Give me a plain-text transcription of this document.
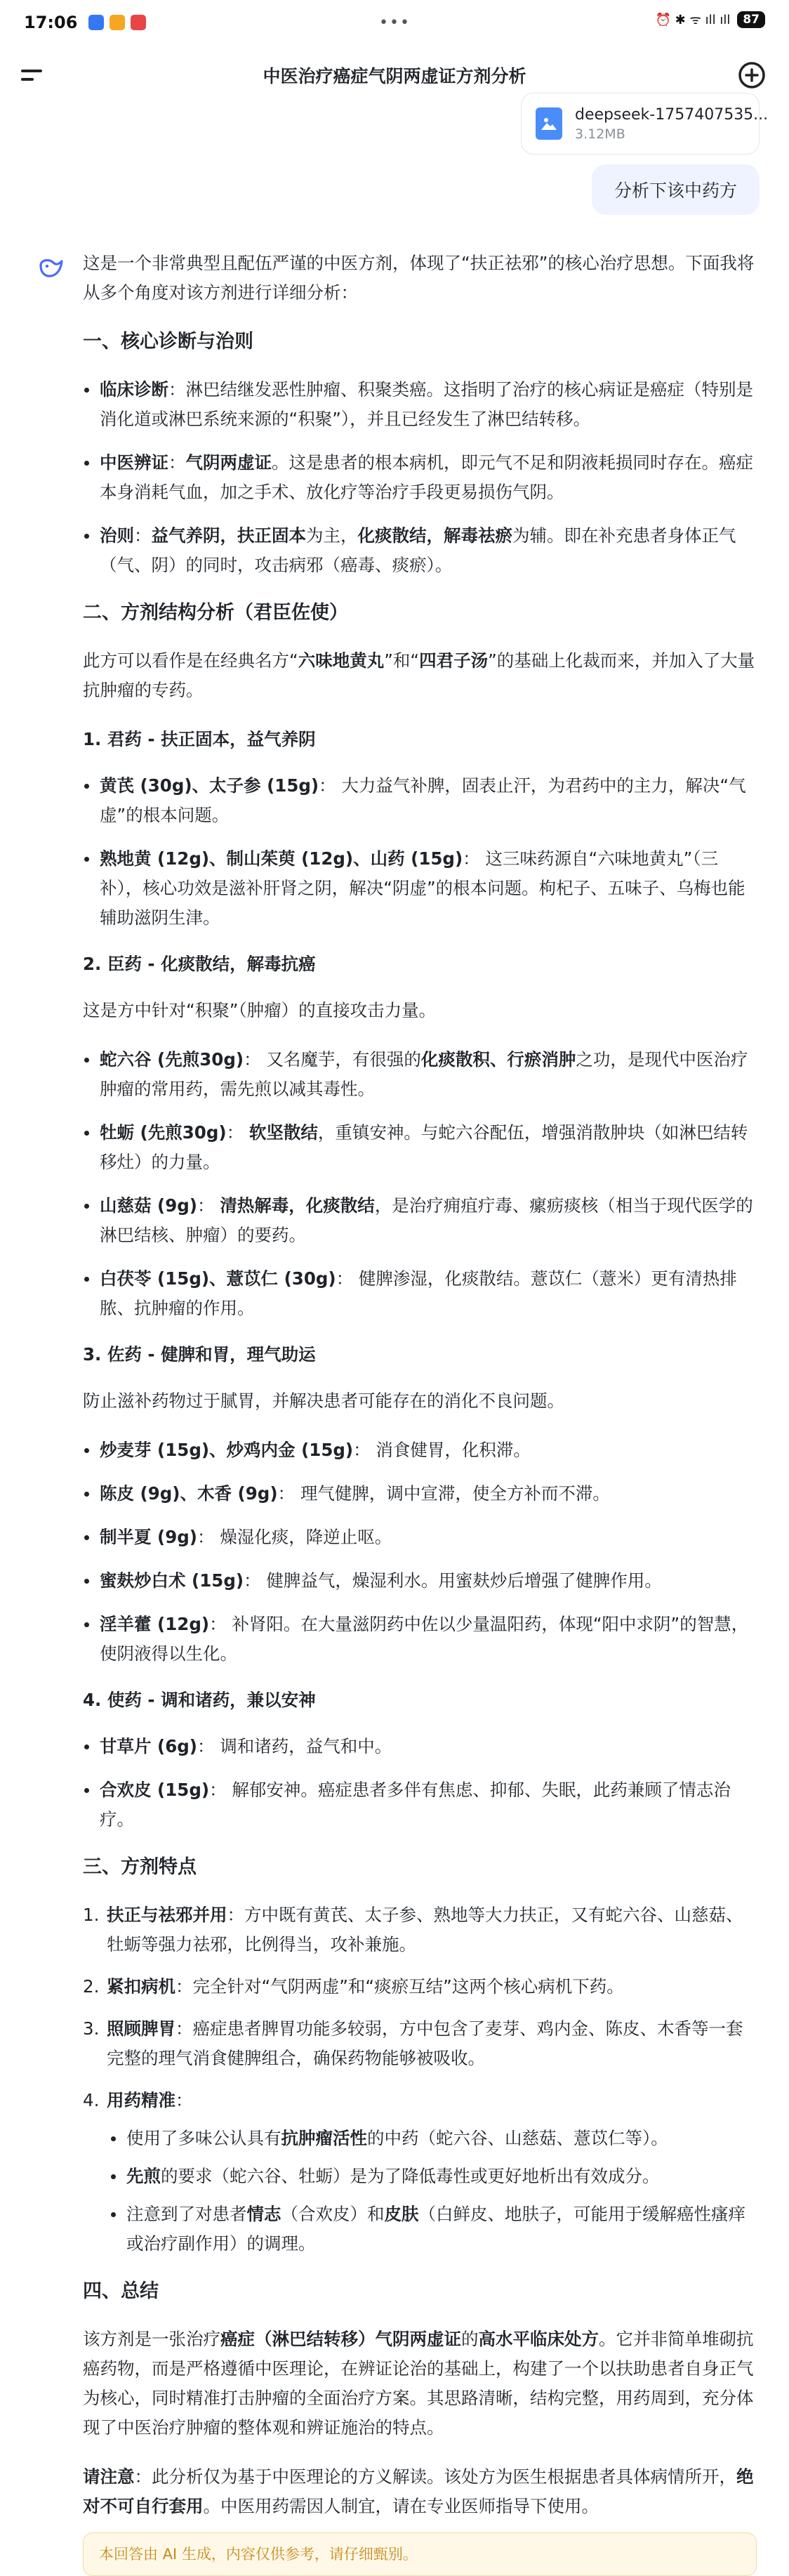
17:06	•••	⏰ ✱ ᯤ ıll ıll	87
中医治疗癌症气阴两虚证方剂分析
deepseek-1757407535...
3.12MB
分析下该中药方

这是一个非常典型且配伍严谨的中医方剂，体现了“扶正祛邪”的核心治疗思想。下面我将从多个角度对该方剂进行详细分析：

一、核心诊断与治则
临床诊断：淋巴结继发恶性肿瘤、积聚类癌。这指明了治疗的核心病证是癌症（特别是消化道或淋巴系统来源的“积聚”），并且已经发生了淋巴结转移。
中医辨证：气阴两虚证。这是患者的根本病机，即元气不足和阴液耗损同时存在。癌症本身消耗气血，加之手术、放化疗等治疗手段更易损伤气阴。
治则：益气养阴，扶正固本为主，化痰散结，解毒祛瘀为辅。即在补充患者身体正气（气、阴）的同时，攻击病邪（癌毒、痰瘀）。
二、方剂结构分析（君臣佐使）

此方可以看作是在经典名方“六味地黄丸”和“四君子汤”的基础上化裁而来，并加入了大量抗肿瘤的专药。

1. 君药 - 扶正固本，益气养阴
黄芪 (30g)、太子参 (15g)： 大力益气补脾，固表止汗，为君药中的主力，解决“气虚”的根本问题。
熟地黄 (12g)、制山茱萸 (12g)、山药 (15g)： 这三味药源自“六味地黄丸”（三补），核心功效是滋补肝肾之阴，解决“阴虚”的根本问题。枸杞子、五味子、乌梅也能辅助滋阴生津。
2. 臣药 - 化痰散结，解毒抗癌

这是方中针对“积聚”（肿瘤）的直接攻击力量。

蛇六谷 (先煎30g)： 又名魔芋，有很强的化痰散积、行瘀消肿之功，是现代中医治疗肿瘤的常用药，需先煎以减其毒性。
牡蛎 (先煎30g)： 软坚散结，重镇安神。与蛇六谷配伍，增强消散肿块（如淋巴结转移灶）的力量。
山慈菇 (9g)： 清热解毒，化痰散结，是治疗痈疽疔毒、瘰疬痰核（相当于现代医学的淋巴结核、肿瘤）的要药。
白茯苓 (15g)、薏苡仁 (30g)： 健脾渗湿，化痰散结。薏苡仁（薏米）更有清热排脓、抗肿瘤的作用。
3. 佐药 - 健脾和胃，理气助运

防止滋补药物过于腻胃，并解决患者可能存在的消化不良问题。

炒麦芽 (15g)、炒鸡内金 (15g)： 消食健胃，化积滞。
陈皮 (9g)、木香 (9g)： 理气健脾，调中宣滞，使全方补而不滞。
制半夏 (9g)： 燥湿化痰，降逆止呕。
蜜麸炒白术 (15g)： 健脾益气，燥湿利水。用蜜麸炒后增强了健脾作用。
淫羊藿 (12g)： 补肾阳。在大量滋阴药中佐以少量温阳药，体现“阳中求阴”的智慧，使阴液得以生化。
4. 使药 - 调和诸药，兼以安神
甘草片 (6g)： 调和诸药，益气和中。
合欢皮 (15g)： 解郁安神。癌症患者多伴有焦虑、抑郁、失眠，此药兼顾了情志治疗。
三、方剂特点
1. 扶正与祛邪并用：方中既有黄芪、太子参、熟地等大力扶正，又有蛇六谷、山慈菇、牡蛎等强力祛邪，比例得当，攻补兼施。
2. 紧扣病机：完全针对“气阴两虚”和“痰瘀互结”这两个核心病机下药。
3. 照顾脾胃：癌症患者脾胃功能多较弱，方中包含了麦芽、鸡内金、陈皮、木香等一套完整的理气消食健脾组合，确保药物能够被吸收。
4. 用药精准：
使用了多味公认具有抗肿瘤活性的中药（蛇六谷、山慈菇、薏苡仁等）。
先煎的要求（蛇六谷、牡蛎）是为了降低毒性或更好地析出有效成分。
注意到了对患者情志（合欢皮）和皮肤（白鲜皮、地肤子，可能用于缓解癌性瘙痒或治疗副作用）的调理。
四、总结

该方剂是一张治疗癌症（淋巴结转移）气阴两虚证的高水平临床处方。它并非简单堆砌抗癌药物，而是严格遵循中医理论，在辨证论治的基础上，构建了一个以扶助患者自身正气为核心，同时精准打击肿瘤的全面治疗方案。其思路清晰，结构完整，用药周到，充分体现了中医治疗肿瘤的整体观和辨证施治的特点。

请注意：此分析仅为基于中医理论的方义解读。该处方为医生根据患者具体病情所开，绝对不可自行套用。中医用药需因人制宜，请在专业医师指导下使用。

本回答由 AI 生成，内容仅供参考，请仔细甄别。
